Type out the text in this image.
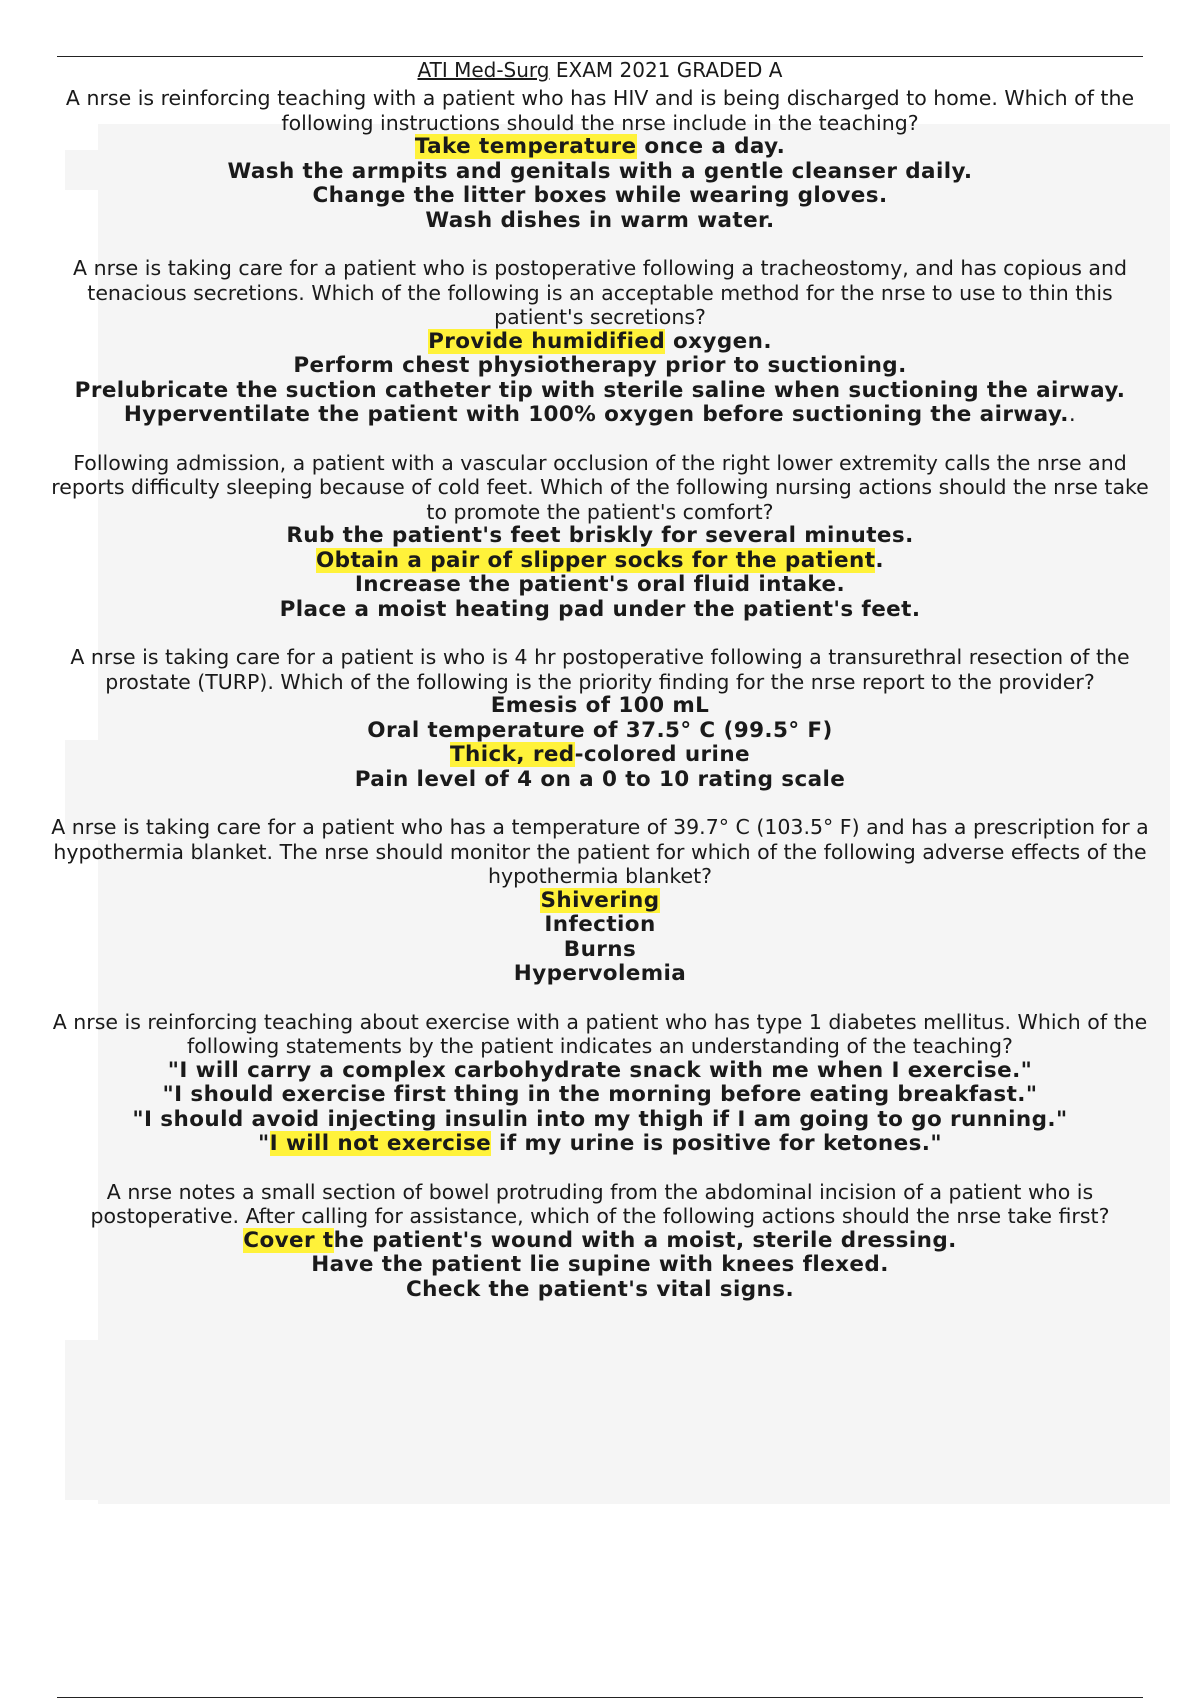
ATI Med-Surg EXAM 2021 GRADED A
A nrse is reinforcing teaching with a patient who has HIV and is being discharged to home. Which of the following instructions should the nrse include in the teaching?
Take temperature once a day.
Wash the armpits and genitals with a gentle cleanser daily.
Change the litter boxes while wearing gloves.
Wash dishes in warm water.
A nrse is taking care for a patient who is postoperative following a tracheostomy, and has copious and tenacious secretions. Which of the following is an acceptable method for the nrse to use to thin this patient's secretions?
Provide humidified oxygen.
Perform chest physiotherapy prior to suctioning.
Prelubricate the suction catheter tip with sterile saline when suctioning the airway.
Hyperventilate the patient with 100% oxygen before suctioning the airway..
Following admission, a patient with a vascular occlusion of the right lower extremity calls the nrse and reports difficulty sleeping because of cold feet. Which of the following nursing actions should the nrse take to promote the patient's comfort?
Rub the patient's feet briskly for several minutes.
Obtain a pair of slipper socks for the patient.
Increase the patient's oral fluid intake.
Place a moist heating pad under the patient's feet.
A nrse is taking care for a patient is who is 4 hr postoperative following a transurethral resection of the prostate (TURP). Which of the following is the priority finding for the nrse report to the provider?
Emesis of 100 mL
Oral temperature of 37.5° C (99.5° F)
Thick, red-colored urine
Pain level of 4 on a 0 to 10 rating scale
A nrse is taking care for a patient who has a temperature of 39.7° C (103.5° F) and has a prescription for a hypothermia blanket. The nrse should monitor the patient for which of the following adverse effects of the hypothermia blanket?
Shivering
Infection
Burns
Hypervolemia
A nrse is reinforcing teaching about exercise with a patient who has type 1 diabetes mellitus. Which of the following statements by the patient indicates an understanding of the teaching?
"I will carry a complex carbohydrate snack with me when I exercise."
"I should exercise first thing in the morning before eating breakfast."
"I should avoid injecting insulin into my thigh if I am going to go running."
"I will not exercise if my urine is positive for ketones."
A nrse notes a small section of bowel protruding from the abdominal incision of a patient who is postoperative. After calling for assistance, which of the following actions should the nrse take first?
Cover the patient's wound with a moist, sterile dressing.
Have the patient lie supine with knees flexed.
Check the patient's vital signs.
